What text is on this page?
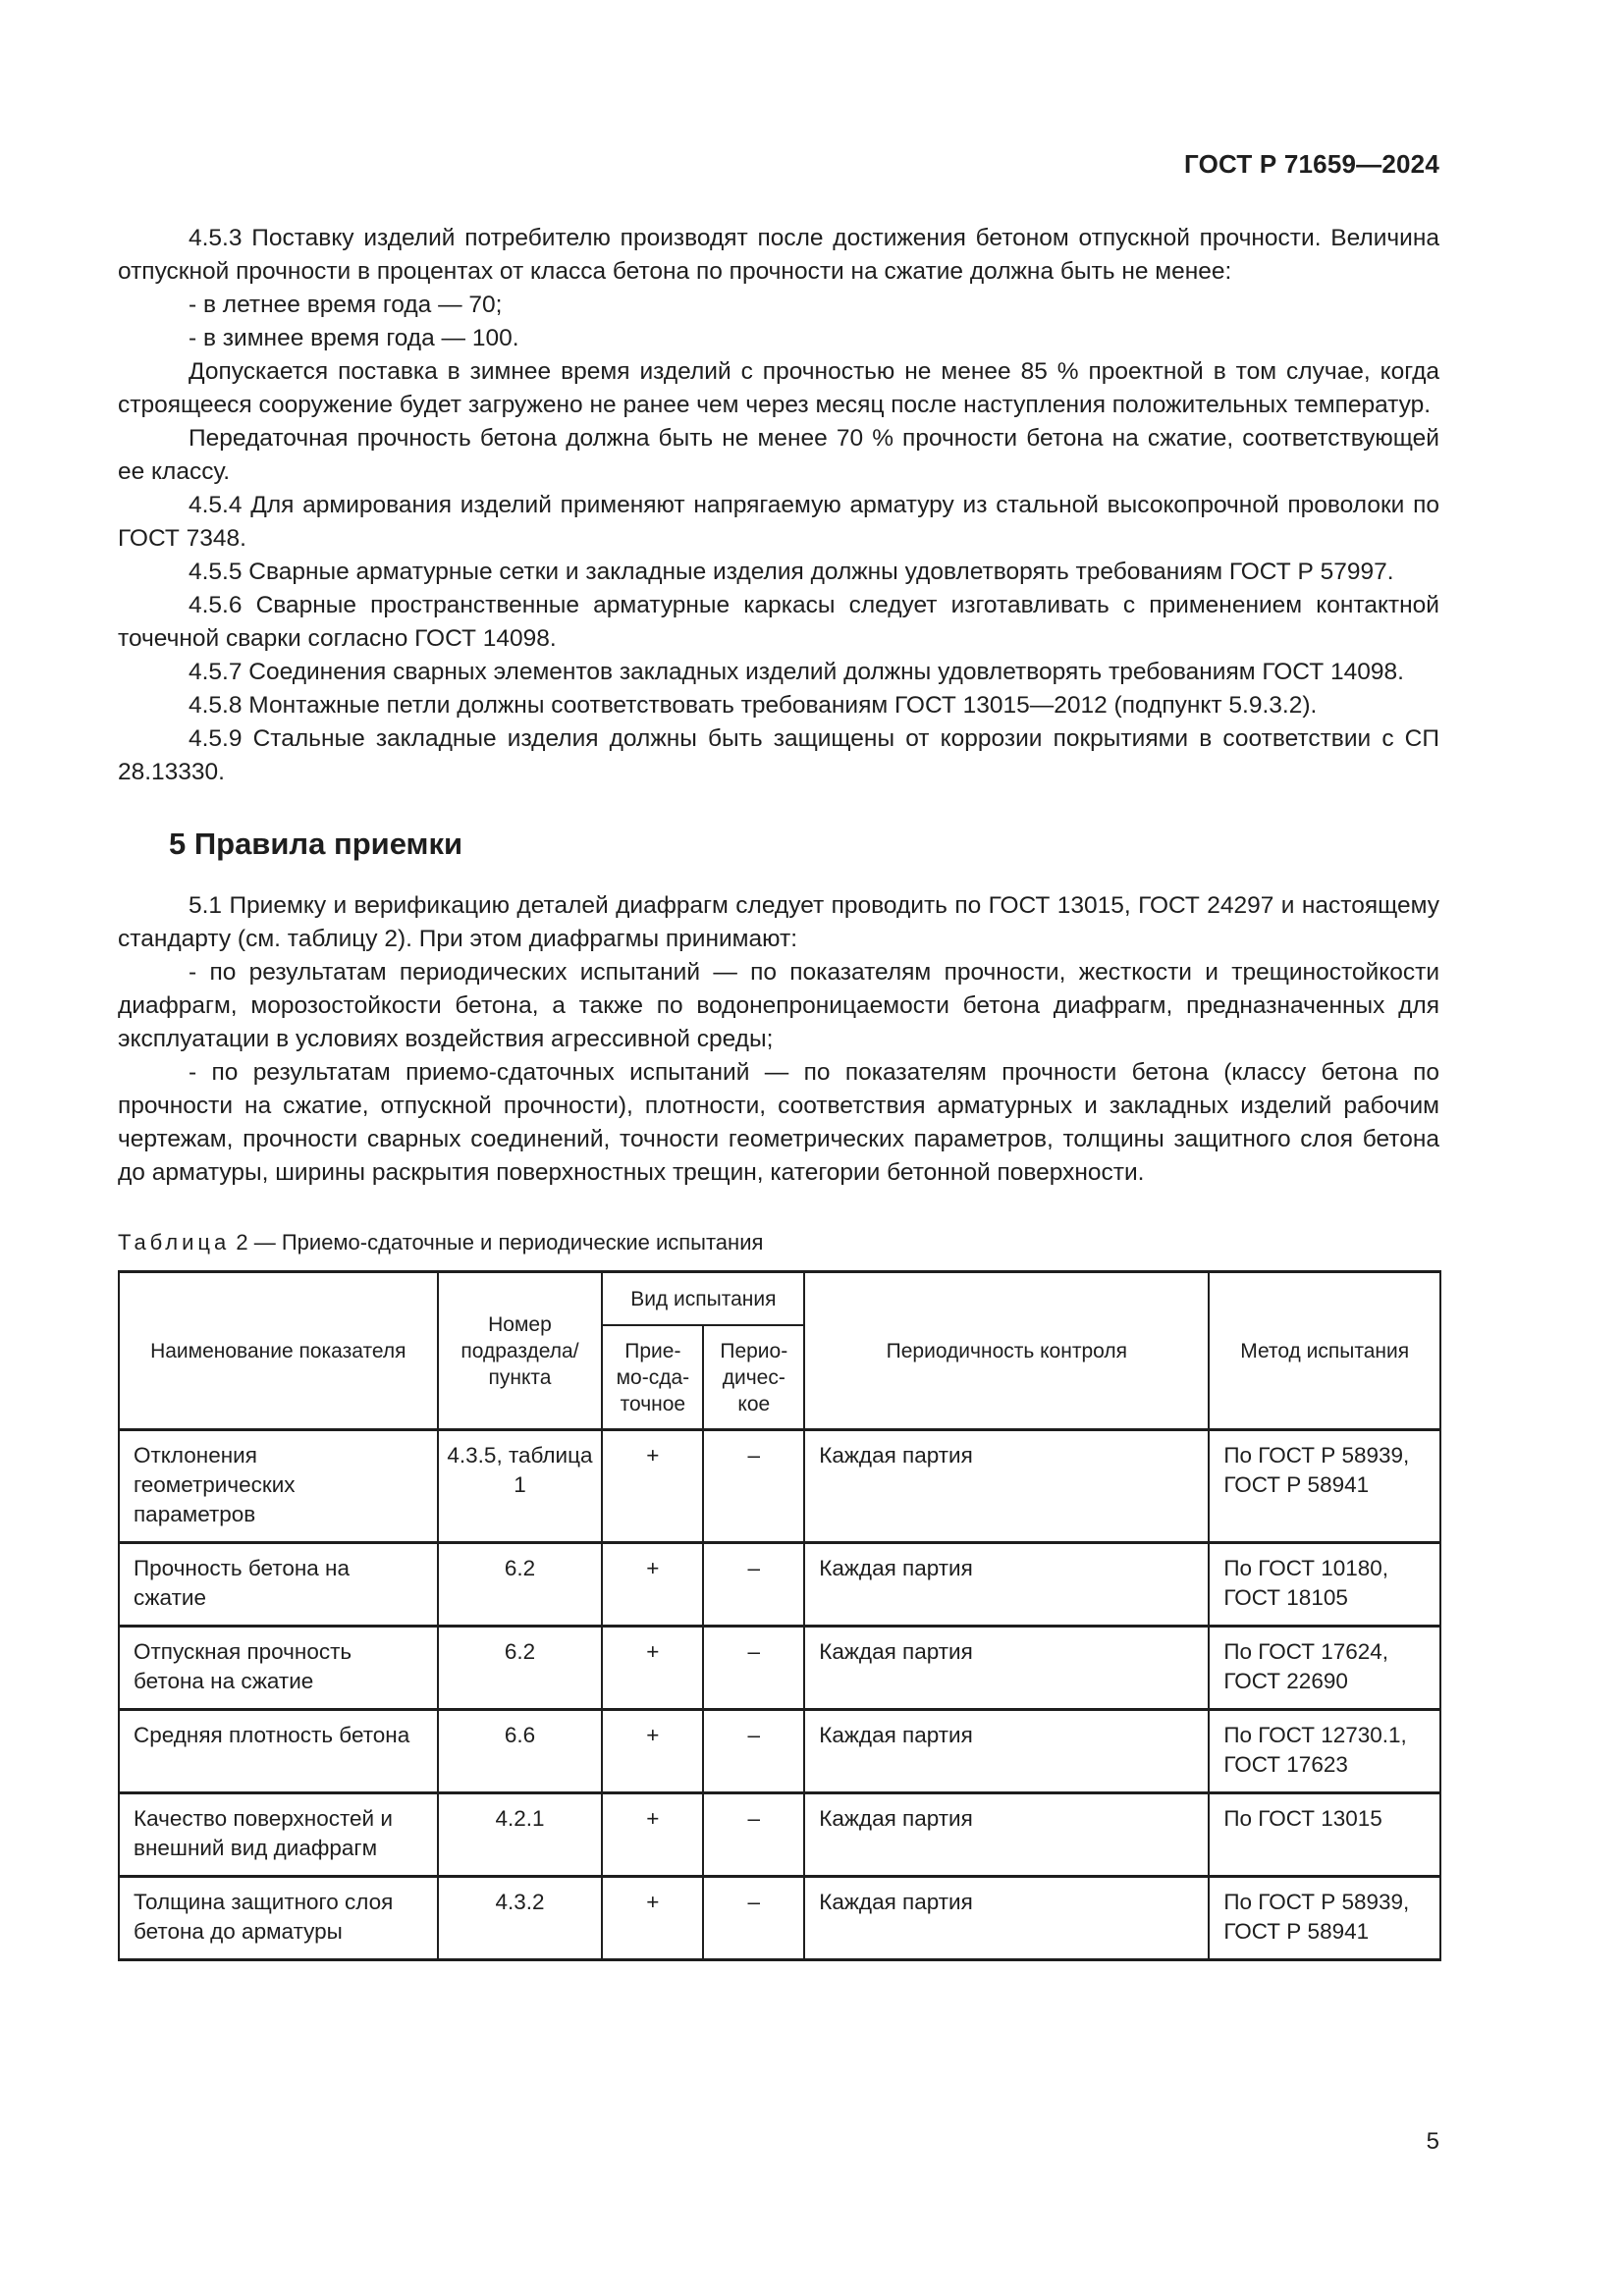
ГОСТ Р 71659—2024

4.5.3 Поставку изделий потребителю производят после достижения бетоном отпускной прочности. Величина отпускной прочности в процентах от класса бетона по прочности на сжатие должна быть не менее:

- в летнее время года — 70;

- в зимнее время года — 100.

Допускается поставка в зимнее время изделий с прочностью не менее 85 % проектной в том случае, когда строящееся сооружение будет загружено не ранее чем через месяц после наступления положительных температур.

Передаточная прочность бетона должна быть не менее 70 % прочности бетона на сжатие, соответствующей ее классу.

4.5.4 Для армирования изделий применяют напрягаемую арматуру из стальной высокопрочной проволоки по ГОСТ 7348.

4.5.5 Сварные арматурные сетки и закладные изделия должны удовлетворять требованиям ГОСТ Р 57997.

4.5.6 Сварные пространственные арматурные каркасы следует изготавливать с применением контактной точечной сварки согласно ГОСТ 14098.

4.5.7 Соединения сварных элементов закладных изделий должны удовлетворять требованиям ГОСТ 14098.

4.5.8 Монтажные петли должны соответствовать требованиям ГОСТ 13015—2012 (подпункт 5.9.3.2).

4.5.9 Стальные закладные изделия должны быть защищены от коррозии покрытиями в соответствии с СП 28.13330.

5 Правила приемки

5.1 Приемку и верификацию деталей диафрагм следует проводить по ГОСТ 13015, ГОСТ 24297 и настоящему стандарту (см. таблицу 2). При этом диафрагмы принимают:

- по результатам периодических испытаний — по показателям прочности, жесткости и трещиностойкости диафрагм, морозостойкости бетона, а также по водонепроницаемости бетона диафрагм, предназначенных для эксплуатации в условиях воздействия агрессивной среды;

- по результатам приемо-сдаточных испытаний — по показателям прочности бетона (классу бетона по прочности на сжатие, отпускной прочности), плотности, соответствия арматурных и закладных изделий рабочим чертежам, прочности сварных соединений, точности геометрических параметров, толщины защитного слоя бетона до арматуры, ширины раскрытия поверхностных трещин, категории бетонной поверхности.

Таблица 2 — Приемо-сдаточные и периодические испытания
Наименование показателя	Номер подраздела/ пункта	Вид испытания		Периодичность контроля	Метод испытания
		Прие- мо-сда- точное	Перио- дичес- кое		
Отклонения геометрических параметров	4.3.5, таблица 1	+	–	Каждая партия	По ГОСТ Р 58939, ГОСТ Р 58941
Прочность бетона на сжатие	6.2	+	–	Каждая партия	По ГОСТ 10180, ГОСТ 18105
Отпускная прочность бетона на сжатие	6.2	+	–	Каждая партия	По ГОСТ 17624, ГОСТ 22690
Средняя плотность бетона	6.6	+	–	Каждая партия	По ГОСТ 12730.1, ГОСТ 17623
Качество поверхностей и внешний вид диафрагм	4.2.1	+	–	Каждая партия	По ГОСТ 13015
Толщина защитного слоя бетона до арматуры	4.3.2	+	–	Каждая партия	По ГОСТ Р 58939, ГОСТ Р 58941
5
